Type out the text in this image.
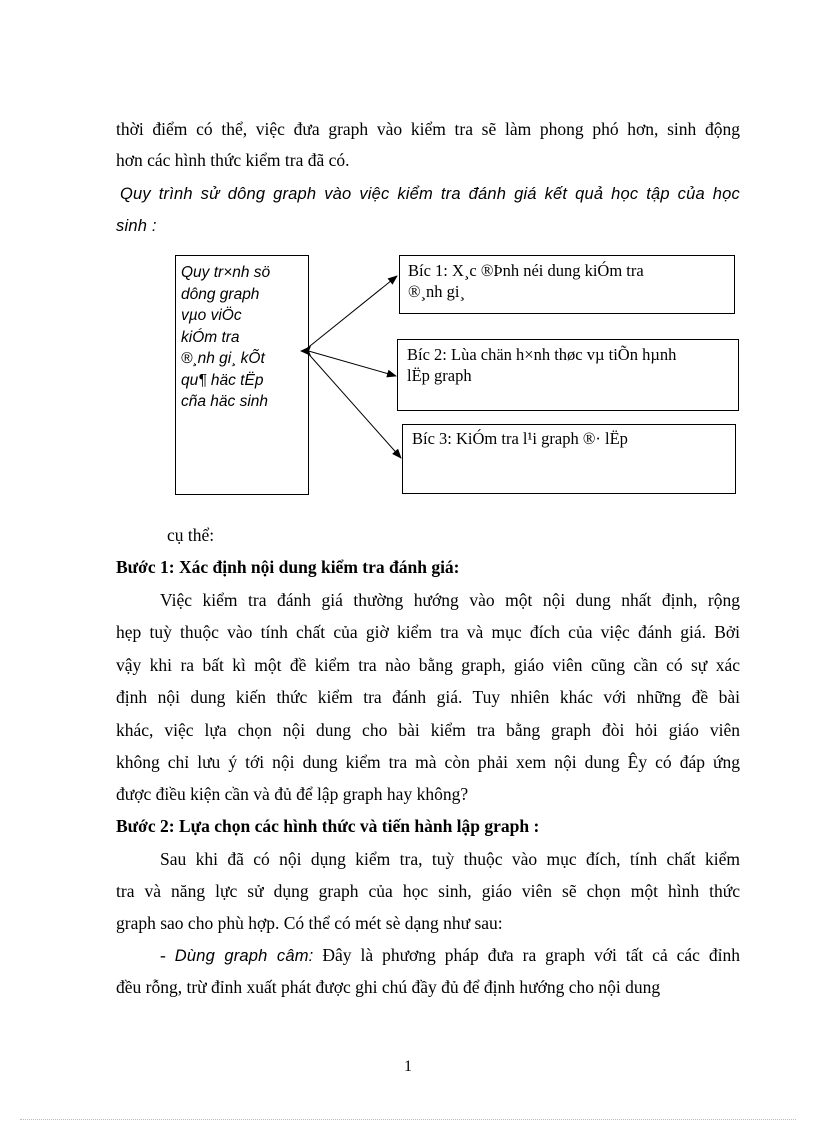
thời điểm có thể, việc đưa graph vào kiểm tra sẽ làm phong phó hơn, sinh động
hơn các hình thức kiểm tra đã có.
Quy trình sử dông graph vào việc kiểm tra đánh giá kết quả học tập của học
sinh :
Quy tr×nh sö
dông graph
vµo viÖc
kiÓm tra
®¸nh gi¸ kÕt
qu¶ häc tËp
cña häc sinh
Bíc 1: X¸c ®Þnh néi dung kiÓm tra
®¸nh gi¸
Bíc 2: Lùa chän h×nh thøc vµ tiÕn hµnh
lËp graph
Bíc 3: KiÓm tra l¹i graph ®· lËp
cụ thể:
Bước 1: Xác định nội dung kiểm tra đánh giá:
Việc kiểm tra đánh giá thường hướng vào một nội dung nhất định, rộng
hẹp tuỳ thuộc vào tính chất của giờ kiểm tra và mục đích của việc đánh giá. Bởi
vậy khi ra bất kì một đề kiểm tra nào bằng graph, giáo viên cũng cần có sự xác
định nội dung kiến thức kiểm tra đánh giá. Tuy nhiên khác với những đề bài
khác, việc lựa chọn nội dung cho bài kiểm tra bằng graph đòi hỏi giáo viên
không chỉ lưu ý tới nội dung kiểm tra mà còn phải xem nội dung Êy có đáp ứng
được điều kiện cần và đủ để lập graph hay không?
Bước 2: Lựa chọn các hình thức và tiến hành lập graph :
Sau khi đã có nội dụng kiểm tra, tuỳ thuộc vào mục đích, tính chất kiểm
tra và năng lực sử dụng graph của học sinh, giáo viên sẽ chọn một hình thức
graph sao cho phù hợp. Có thể có mét sè dạng như sau:
- Dùng graph câm: Đây là phương pháp đưa ra graph với tất cả các đỉnh
đều rỗng, trừ đỉnh xuất phát được ghi chú đầy đủ để định hướng cho nội dung
1
